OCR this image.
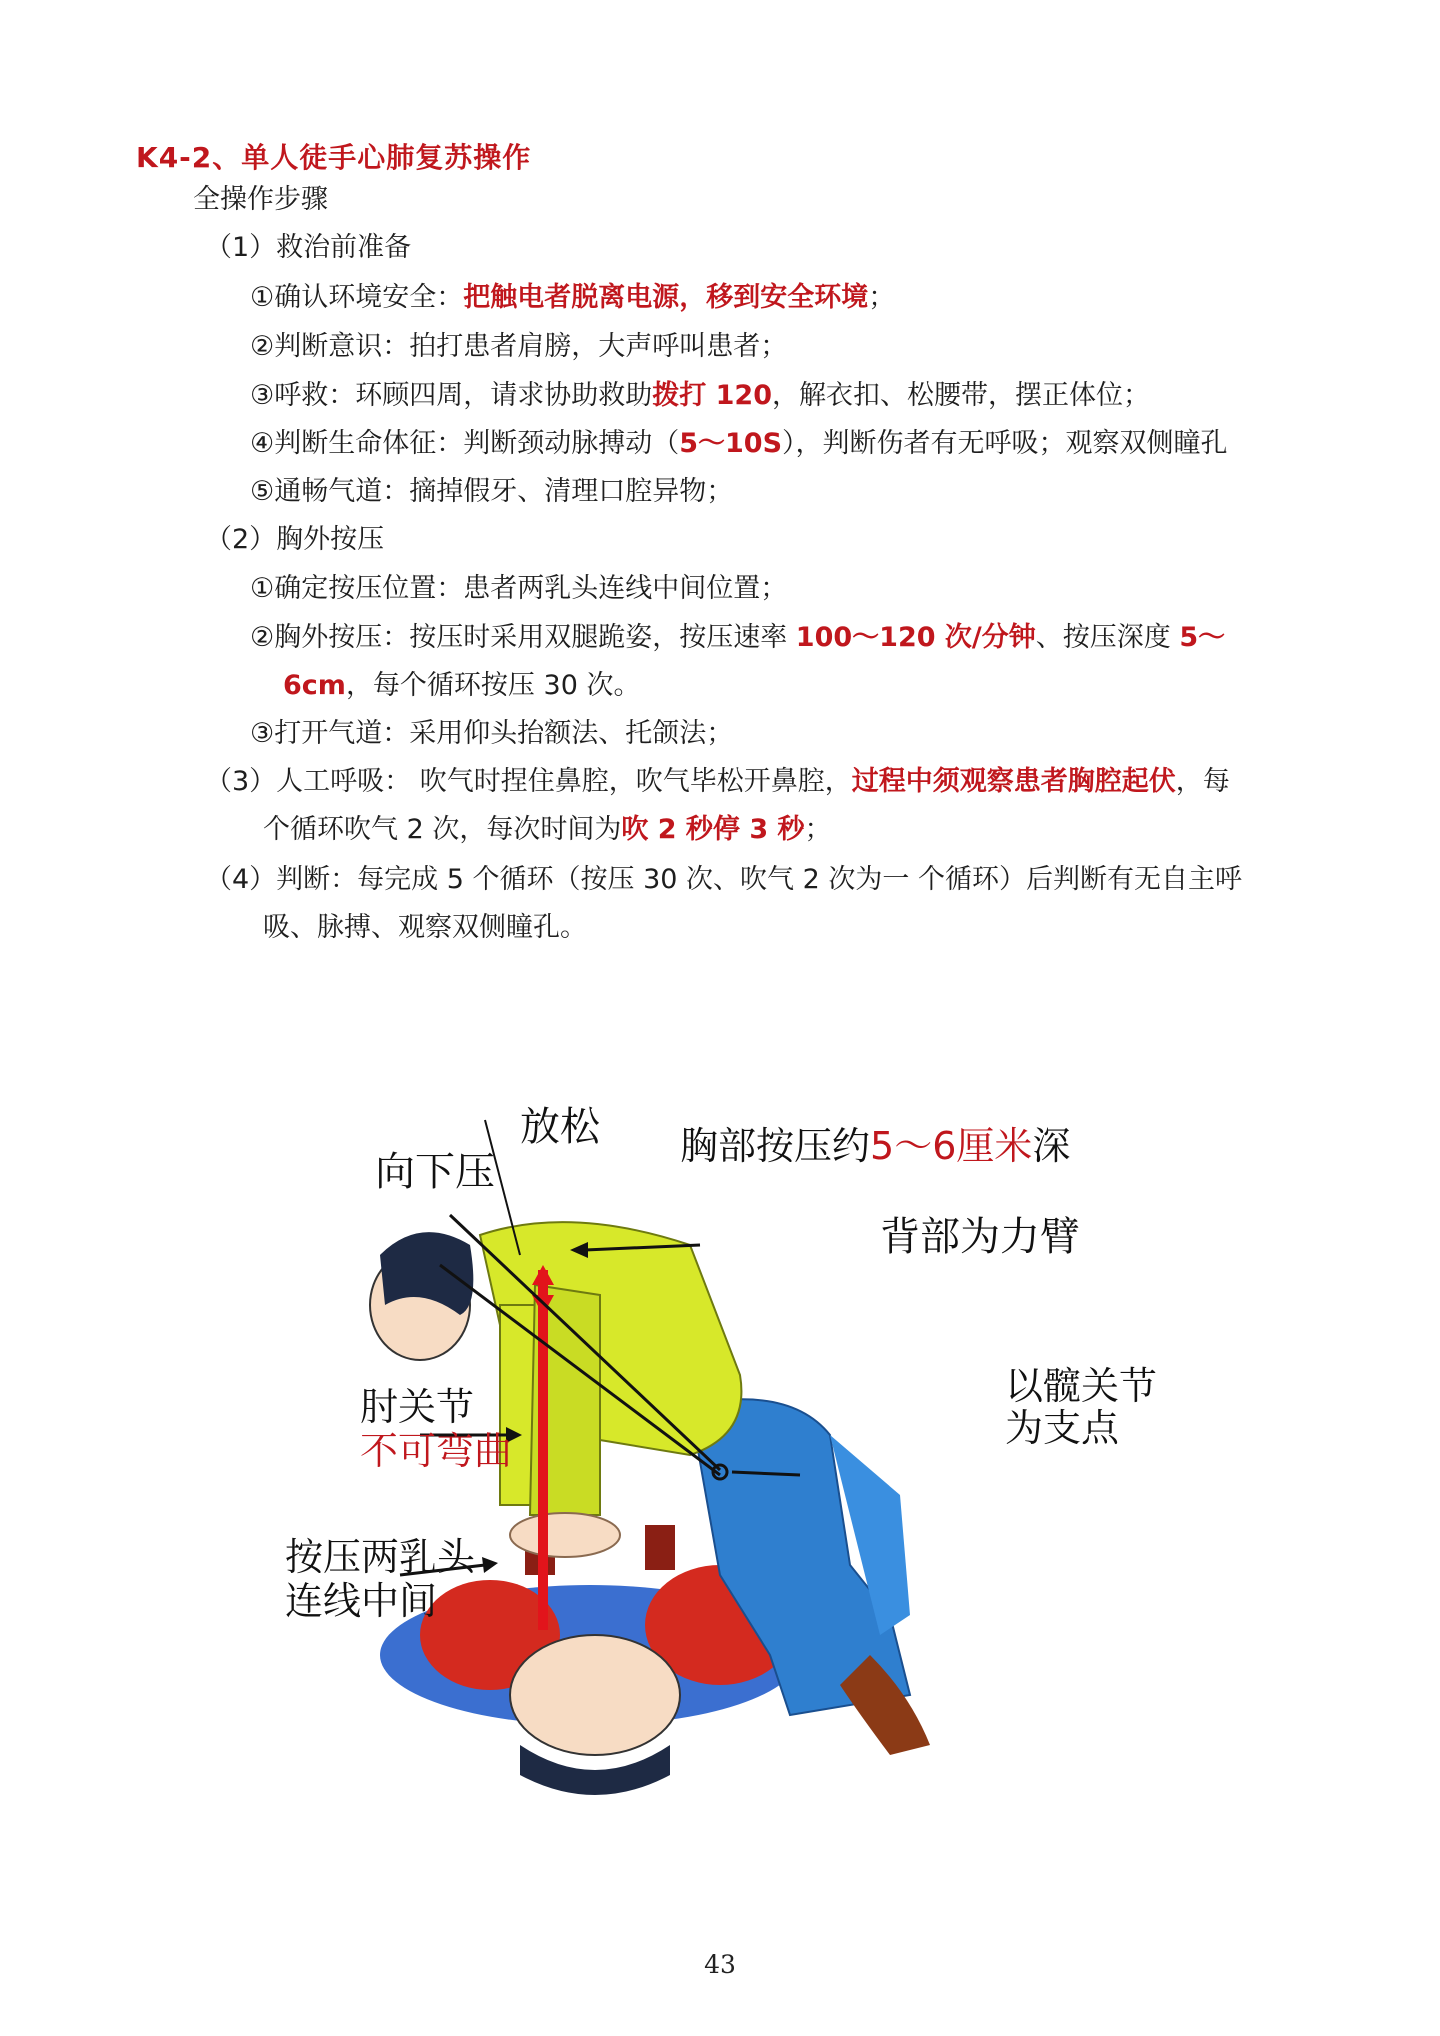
K4-2、单人徒手心肺复苏操作
全操作步骤
（1）救治前准备
①确认环境安全：把触电者脱离电源，移到安全环境；
②判断意识：拍打患者肩膀，大声呼叫患者；
③呼救：环顾四周，请求协助救助拨打 120，解衣扣、松腰带，摆正体位；
④判断生命体征：判断颈动脉搏动（5～10S），判断伤者有无呼吸；观察双侧瞳孔
⑤通畅气道：摘掉假牙、清理口腔异物；
（2）胸外按压
①确定按压位置：患者两乳头连线中间位置；
②胸外按压：按压时采用双腿跪姿，按压速率 100～120 次/分钟、按压深度 5～
6cm，每个循环按压 30 次。
③打开气道：采用仰头抬额法、托颌法；
（3）人工呼吸： 吹气时捏住鼻腔，吹气毕松开鼻腔，过程中须观察患者胸腔起伏，每
个循环吹气 2 次，每次时间为吹 2 秒停 3 秒；
（4）判断：每完成 5 个循环（按压 30 次、吹气 2 次为一 个循环）后判断有无自主呼
吸、脉搏、观察双侧瞳孔。
放松
向下压
胸部按压约5～6厘米深
背部为力臂
以髋关节
为支点
肘关节
不可弯曲
按压两乳头
连线中间
43
